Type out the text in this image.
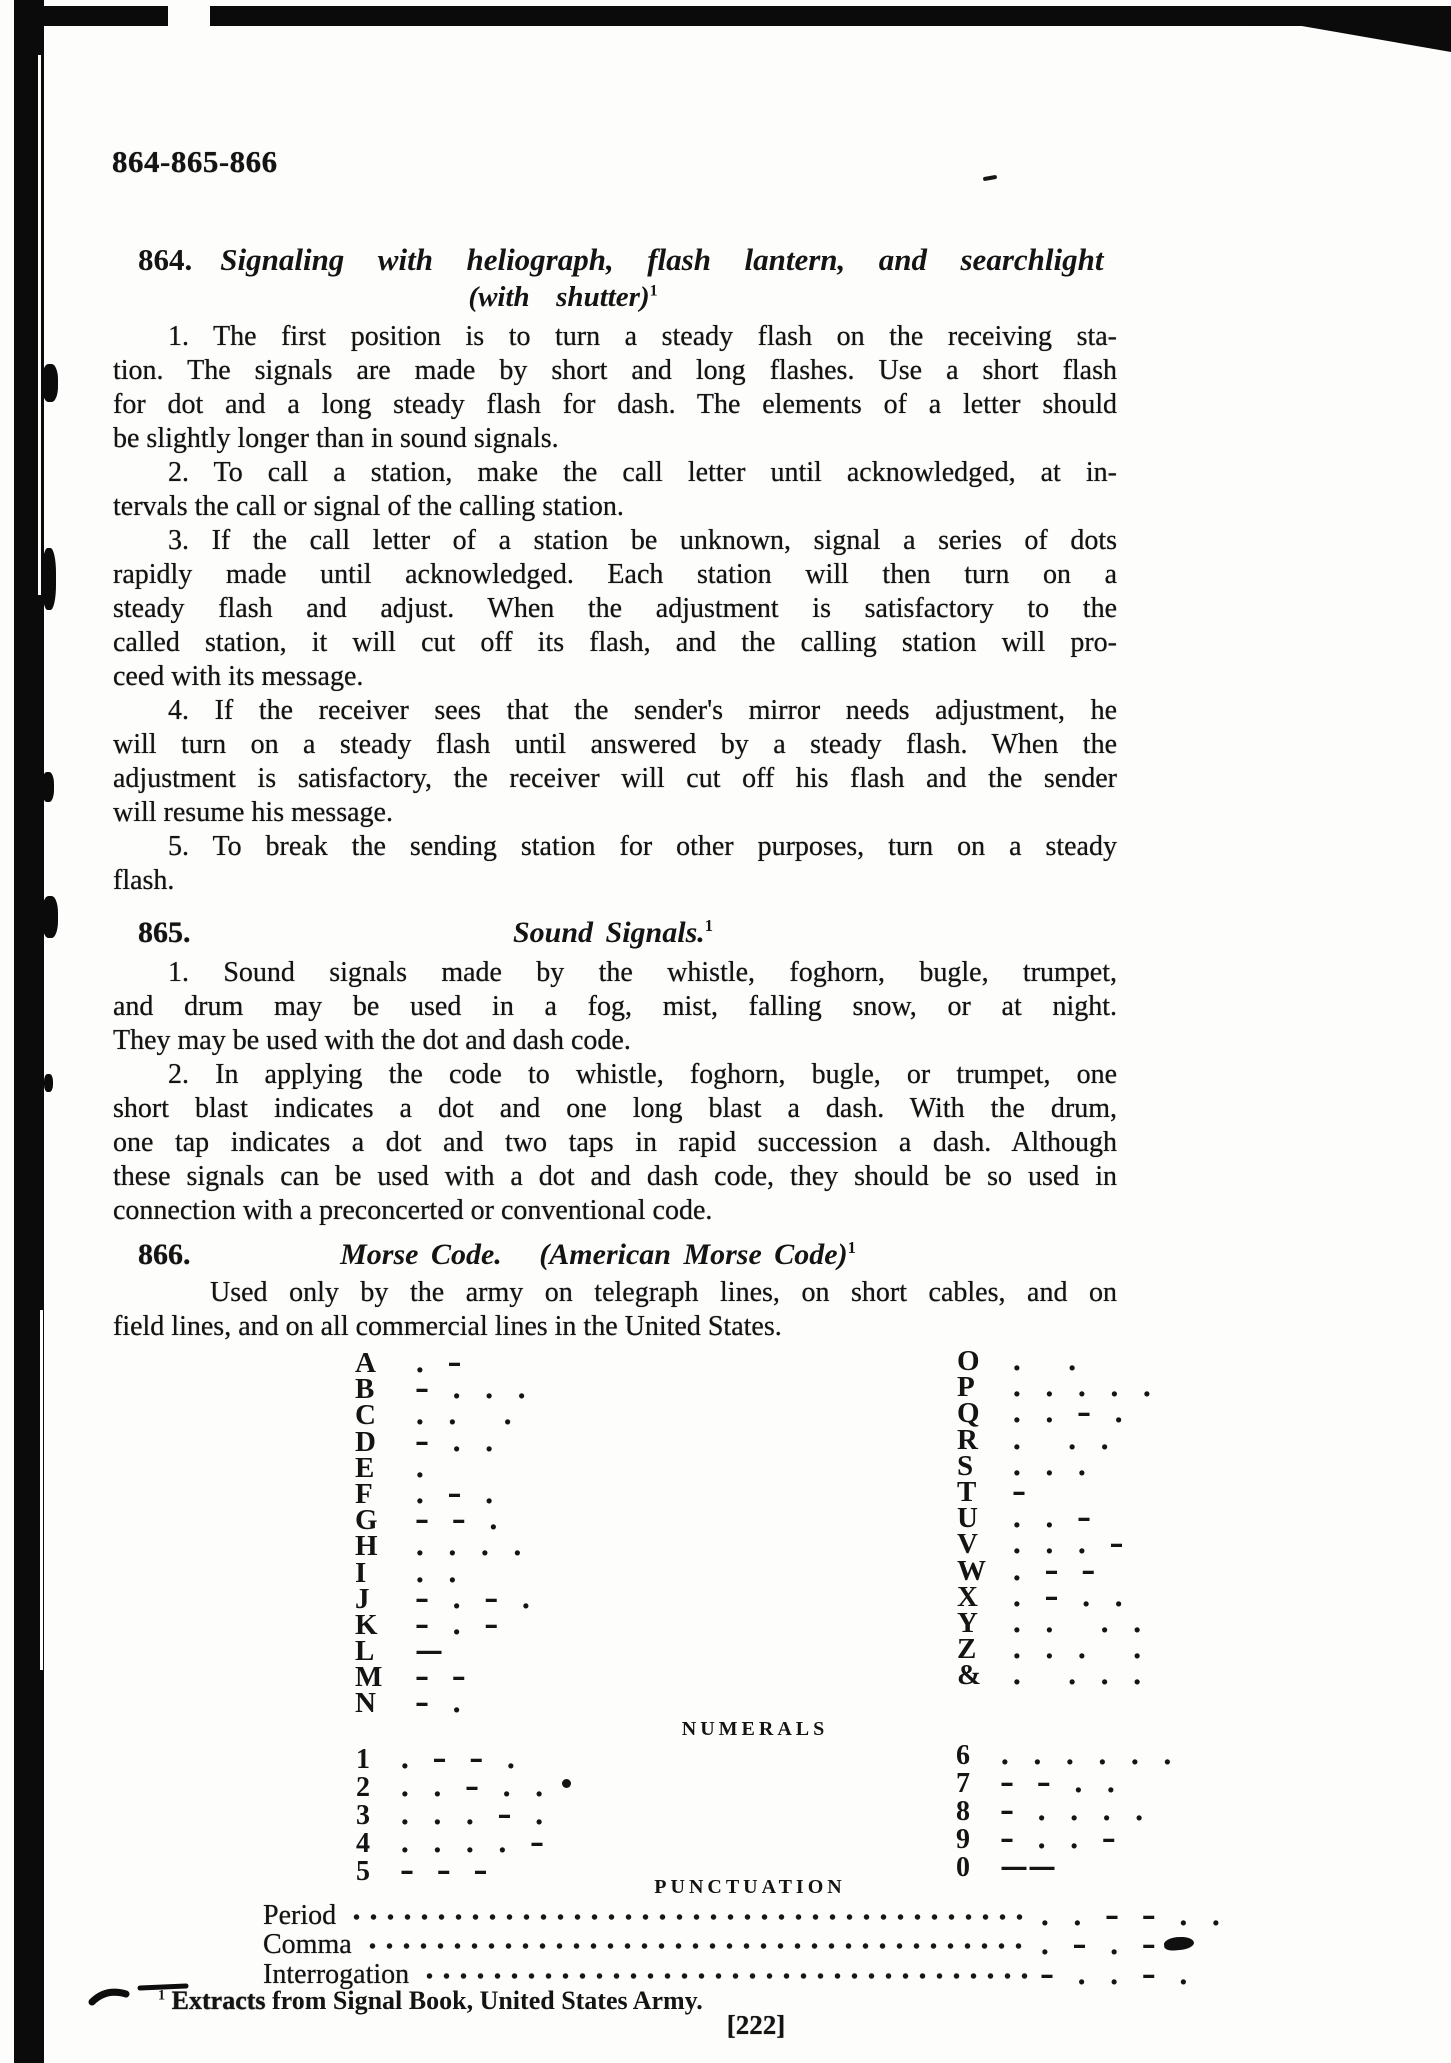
864-865-866
864. Signaling  with  heliograph,  flash  lantern,  and  searchlight
(with  shutter)$^1$
1. The first position is to turn a steady flash on the receiving sta-
tion. The signals are made by short and long flashes. Use a short flash
for dot and a long steady flash for dash. The elements of a letter should
be slightly longer than in sound signals.
2. To call a station, make the call letter until acknowledged, at in-
tervals the call or signal of the calling station.
3. If the call letter of a station be unknown, signal a series of dots
rapidly made until acknowledged. Each station will then turn on a
steady flash and adjust. When the adjustment is satisfactory to the
called station, it will cut off its flash, and the calling station will pro-
ceed with its message.
4. If the receiver sees that the sender's mirror needs adjustment, he
will turn on a steady flash until answered by a steady flash. When the
adjustment is satisfactory, the receiver will cut off his flash and the sender
will resume his message.
5. To break the sending station for other purposes, turn on a steady
flash.
865.	Sound Signals.$^1$
1. Sound signals made by the whistle, foghorn, bugle, trumpet,
and drum may be used in a fog, mist, falling snow, or at night.
They may be used with the dot and dash code.
2. In applying the code to whistle, foghorn, bugle, or trumpet, one
short blast indicates a dot and one long blast a dash. With the drum,
one tap indicates a dot and two taps in rapid succession a dash. Although
these signals can be used with a dot and dash code, they should be so used in
connection with a preconcerted or conventional code.
866.	Morse Code.   (American Morse Code)$^1$
Used only by the army on telegraph lines, on short cables, and on
field lines, and on all commercial lines in the United States.
A	. –
B	– . . .
C	. .  .
D	– . .
E	.
F	. – .
G	– – .
H	. . . .
I	. .
J	– . – .
K	– . –
L	—
M	– –
N	– .
O	.  .
P	. . . . .
Q	. . – .
R	.  . .
S	. . .
T	–
U	. . –
V	. . . –
W . – –
X	. – . .
Y	. .  . .
Z	. . .  .
&	.  . . .
NUMERALS
1	. – – .
2	. . – . .
3	. . . – .
4	. . . . –
5	– – –
6	. . . . . .
7	– – . .
8	– . . . .
9	– . . –
0	——
PUNCTUATION
Period	. . – – . .
Comma	. – . –
Interrogation	– . . – .
$^1$ Extracts from Signal Book, United States Army.
[222]
